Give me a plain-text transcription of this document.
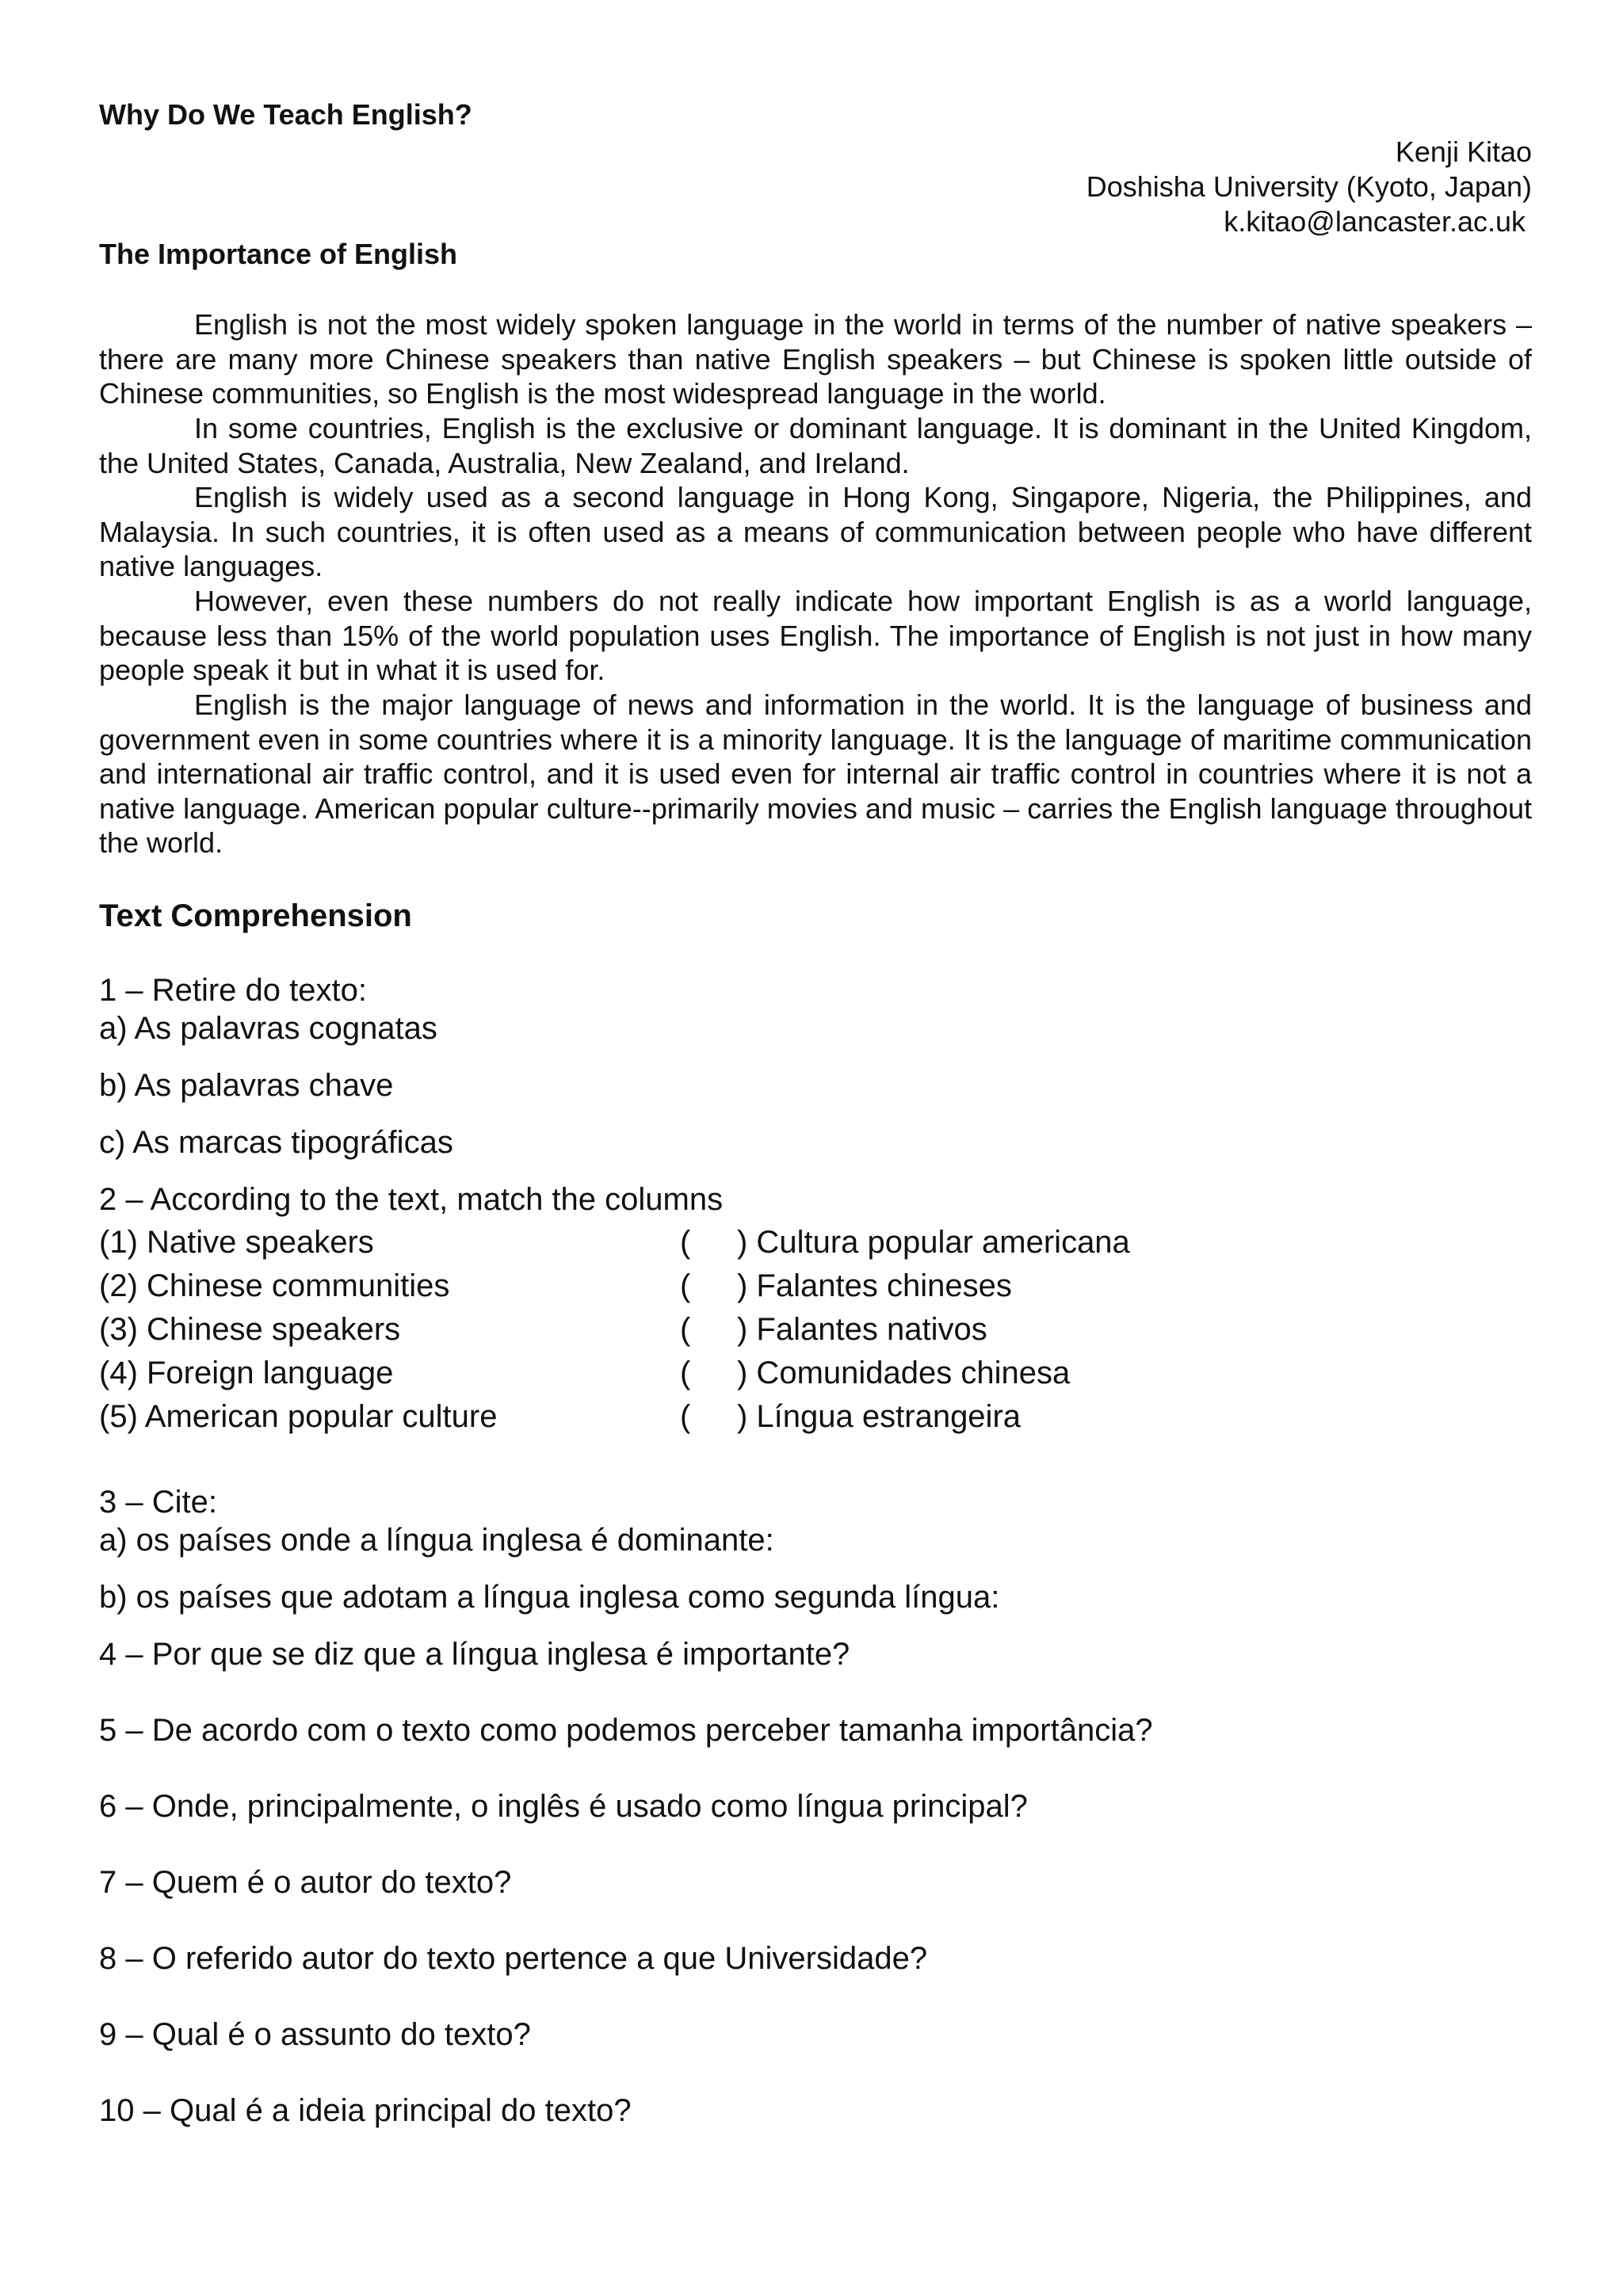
Why Do We Teach English?
Kenji Kitao
Doshisha University (Kyoto, Japan)
k.kitao@lancaster.ac.uk
The Importance of English

English is not the most widely spoken language in the world in terms of the number of native speakers – there are many more Chinese speakers than native English speakers – but Chinese is spoken little outside of Chinese communities, so English is the most widespread language in the world.

In some countries, English is the exclusive or dominant language. It is dominant in the United Kingdom, the United States, Canada, Australia, New Zealand, and Ireland.

English is widely used as a second language in Hong Kong, Singapore, Nigeria, the Philippines, and Malaysia. In such countries, it is often used as a means of communication between people who have different native languages.

However, even these numbers do not really indicate how important English is as a world language, because less than 15% of the world population uses English. The importance of English is not just in how many people speak it but in what it is used for.

English is the major language of news and information in the world. It is the language of business and government even in some countries where it is a minority language. It is the language of maritime communication and international air traffic control, and it is used even for internal air traffic control in countries where it is not a native language. American popular culture--primarily movies and music – carries the English language throughout the world.

Text Comprehension
1 – Retire do texto:
a) As palavras cognatas
b) As palavras chave
c) As marcas tipográficas
2 – According to the text, match the columns
(1) Native speakers	( ) Cultura popular americana
(2) Chinese communities	( ) Falantes chineses
(3) Chinese speakers	( ) Falantes nativos
(4) Foreign language	( ) Comunidades chinesa
(5) American popular culture	( ) Língua estrangeira
3 – Cite:
a) os países onde a língua inglesa é dominante:
b) os países que adotam a língua inglesa como segunda língua:
4 – Por que se diz que a língua inglesa é importante?
5 – De acordo com o texto como podemos perceber tamanha importância?
6 – Onde, principalmente, o inglês é usado como língua principal?
7 – Quem é o autor do texto?
8 – O referido autor do texto pertence a que Universidade?
9 – Qual é o assunto do texto?
10 – Qual é a ideia principal do texto?
